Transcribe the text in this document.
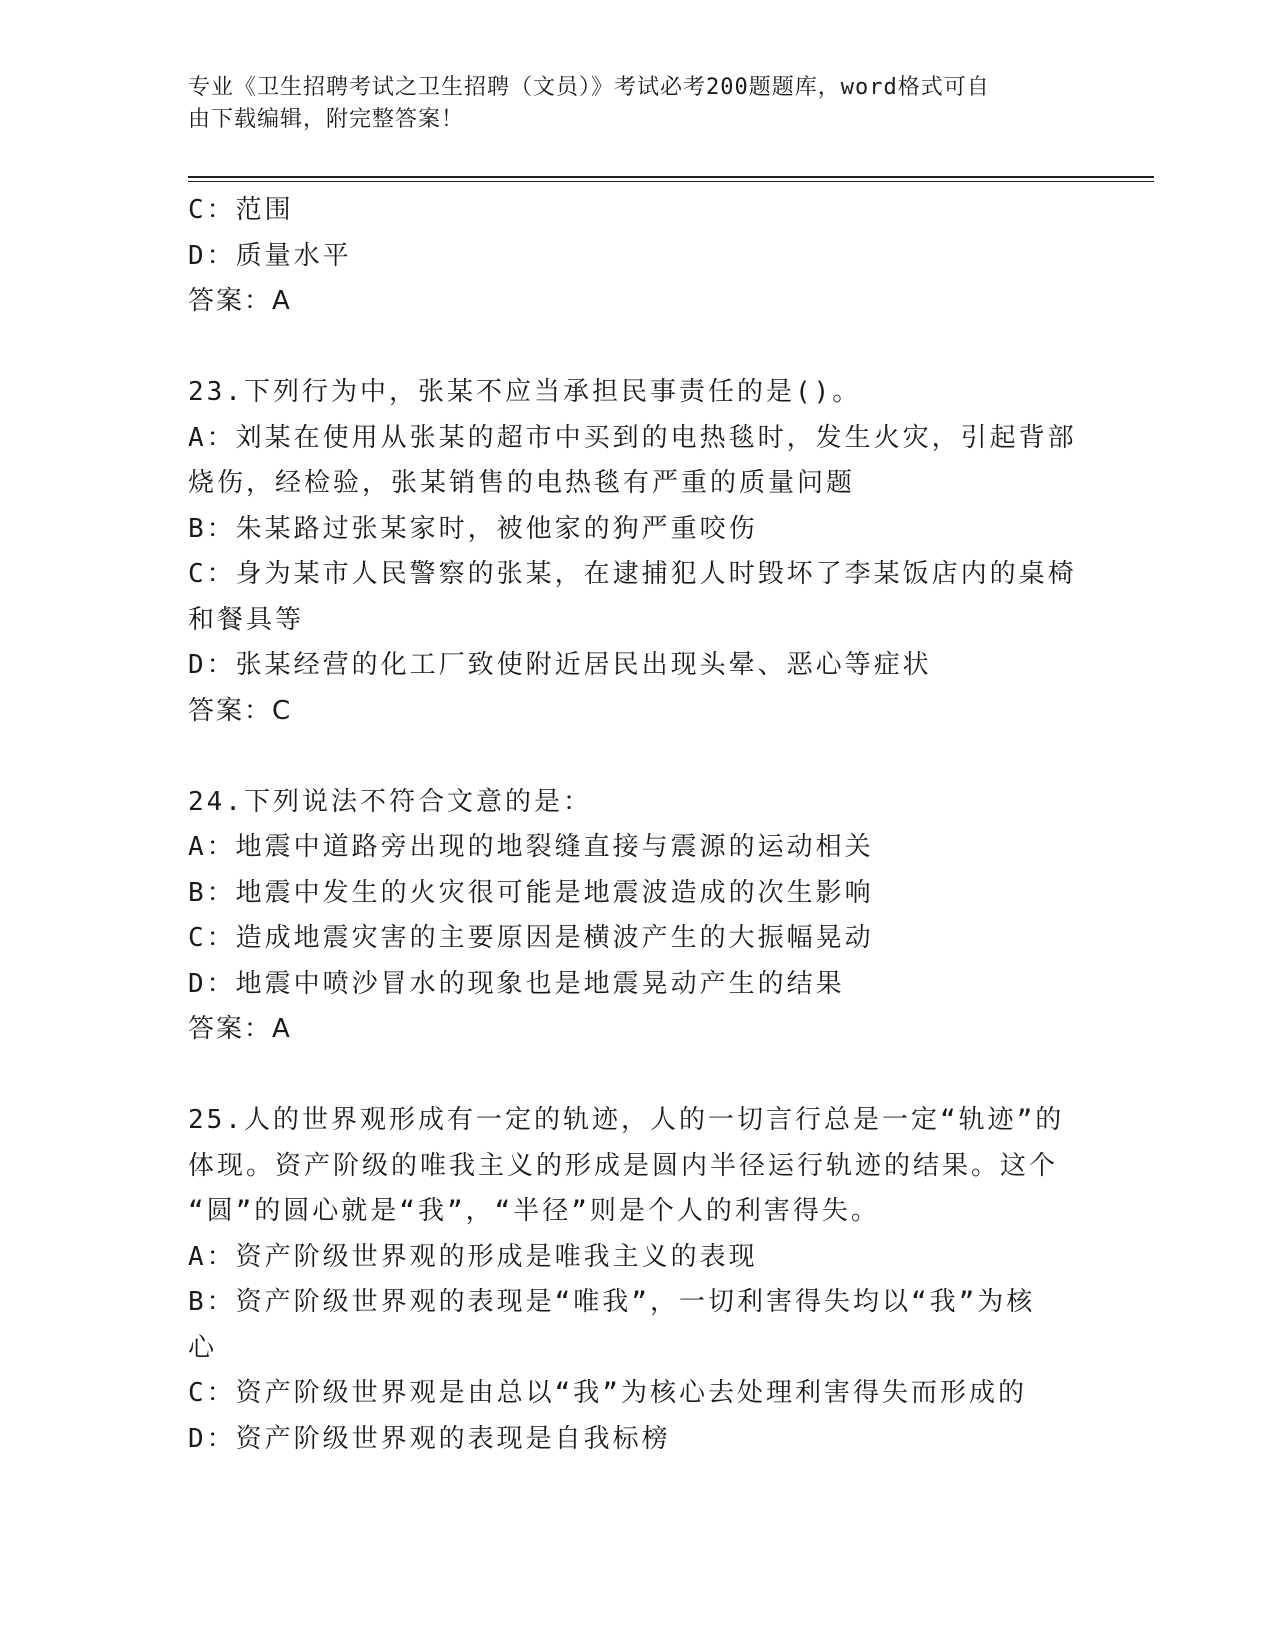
专业《卫生招聘考试之卫生招聘（文员）》考试必考200题题库，word格式可自
由下载编辑，附完整答案！

C：范围

D：质量水平

答案：A

23.下列行为中，张某不应当承担民事责任的是()。

A：刘某在使用从张某的超市中买到的电热毯时，发生火灾，引起背部

烧伤，经检验，张某销售的电热毯有严重的质量问题

B：朱某路过张某家时，被他家的狗严重咬伤

C：身为某市人民警察的张某，在逮捕犯人时毁坏了李某饭店内的桌椅

和餐具等

D：张某经营的化工厂致使附近居民出现头晕、恶心等症状

答案：C

24.下列说法不符合文意的是：

A：地震中道路旁出现的地裂缝直接与震源的运动相关

B：地震中发生的火灾很可能是地震波造成的次生影响

C：造成地震灾害的主要原因是横波产生的大振幅晃动

D：地震中喷沙冒水的现象也是地震晃动产生的结果

答案：A

25.人的世界观形成有一定的轨迹，人的一切言行总是一定“轨迹”的

体现。资产阶级的唯我主义的形成是圆内半径运行轨迹的结果。这个

“圆”的圆心就是“我”，“半径”则是个人的利害得失。

A：资产阶级世界观的形成是唯我主义的表现

B：资产阶级世界观的表现是“唯我”，一切利害得失均以“我”为核

心

C：资产阶级世界观是由总以“我”为核心去处理利害得失而形成的

D：资产阶级世界观的表现是自我标榜
